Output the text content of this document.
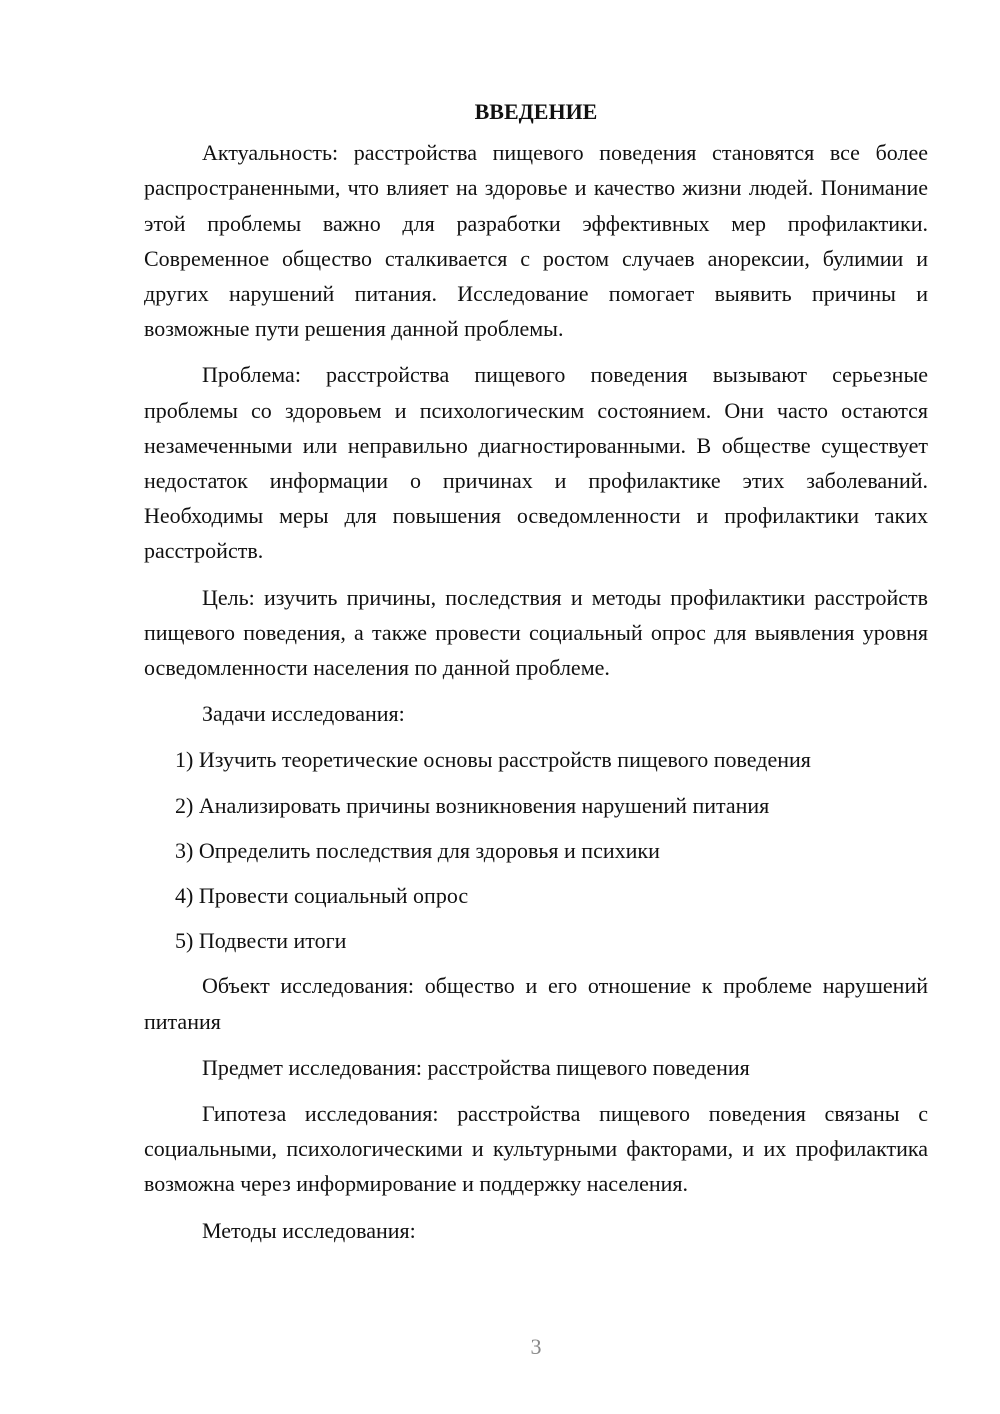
ВВЕДЕНИЕ

Актуальность: расстройства пищевого поведения становятся все более распространенными, что влияет на здоровье и качество жизни людей. Понимание этой проблемы важно для разработки эффективных мер профилактики. Современное общество сталкивается с ростом случаев анорексии, булимии и других нарушений питания. Исследование помогает выявить причины и возможные пути решения данной проблемы.

Проблема: расстройства пищевого поведения вызывают серьезные проблемы со здоровьем и психологическим состоянием. Они часто остаются незамеченными или неправильно диагностированными. В обществе существует недостаток информации о причинах и профилактике этих заболеваний. Необходимы меры для повышения осведомленности и профилактики таких расстройств.

Цель: изучить причины, последствия и методы профилактики расстройств пищевого поведения, а также провести социальный опрос для выявления уровня осведомленности населения по данной проблеме.

Задачи исследования:

1) Изучить теоретические основы расстройств пищевого поведения
2) Анализировать причины возникновения нарушений питания
3) Определить последствия для здоровья и психики
4) Провести социальный опрос
5) Подвести итоги

Объект исследования: общество и его отношение к проблеме нарушений питания

Предмет исследования: расстройства пищевого поведения

Гипотеза исследования: расстройства пищевого поведения связаны с социальными, психологическими и культурными факторами, и их профилактика возможна через информирование и поддержку населения.

Методы исследования:

3
